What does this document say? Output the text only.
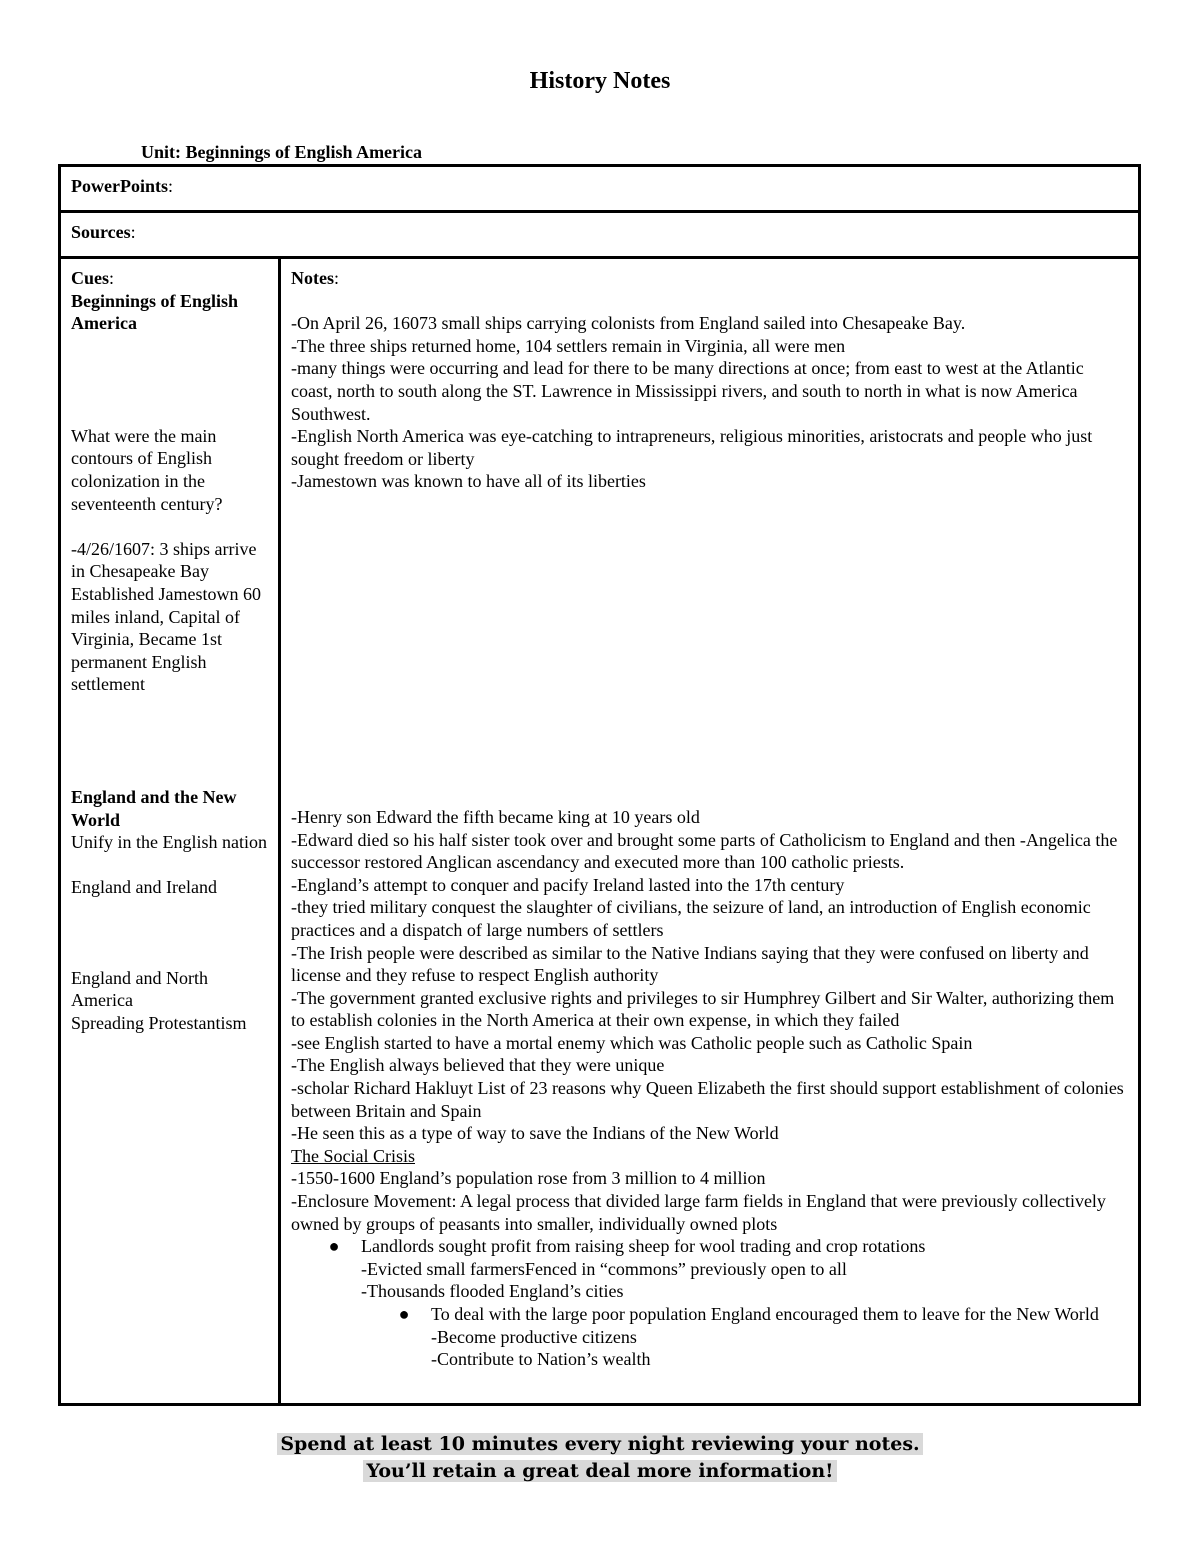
History Notes
Unit: Beginnings of English America
PowerPoints:
Sources:

Cues:
Beginnings of English America
What were the main contours of English colonization in the seventeenth century?
-4/26/1607: 3 ships arrive in Chesapeake Bay Established Jamestown 60 miles inland, Capital of Virginia, Became 1st permanent English settlement
England and the New World
Unify in the English nation
England and Ireland
England and North America
Spreading Protestantism

Notes:
-On April 26, 16073 small ships carrying colonists from England sailed into Chesapeake Bay.
-The three ships returned home, 104 settlers remain in Virginia, all were men
-many things were occurring and lead for there to be many directions at once; from east to west at the Atlantic coast, north to south along the ST. Lawrence in Mississippi rivers, and south to north in what is now America Southwest.
-English North America was eye-catching to intrapreneurs, religious minorities, aristocrats and people who just sought freedom or liberty
-Jamestown was known to have all of its liberties
-Henry son Edward the fifth became king at 10 years old
-Edward died so his half sister took over and brought some parts of Catholicism to England and then -Angelica the successor restored Anglican ascendancy and executed more than 100 catholic priests.
-England’s attempt to conquer and pacify Ireland lasted into the 17th century
-they tried military conquest the slaughter of civilians, the seizure of land, an introduction of English economic practices and a dispatch of large numbers of settlers
-The Irish people were described as similar to the Native Indians saying that they were confused on liberty and license and they refuse to respect English authority
-The government granted exclusive rights and privileges to sir Humphrey Gilbert and Sir Walter, authorizing them to establish colonies in the North America at their own expense, in which they failed
-see English started to have a mortal enemy which was Catholic people such as Catholic Spain
-The English always believed that they were unique
-scholar Richard Hakluyt List of 23 reasons why Queen Elizabeth the first should support establishment of colonies between Britain and Spain
-He seen this as a type of way to save the Indians of the New World
The Social Crisis
-1550-1600 England’s population rose from 3 million to 4 million
-Enclosure Movement: A legal process that divided large farm fields in England that were previously collectively owned by groups of peasants into smaller, individually owned plots
● Landlords sought profit from raising sheep for wool trading and crop rotations
-Evicted small farmersFenced in “commons” previously open to all
-Thousands flooded England’s cities
● To deal with the large poor population England encouraged them to leave for the New World
-Become productive citizens
-Contribute to Nation’s wealth
Spend at least 10 minutes every night reviewing your notes.
You’ll retain a great deal more information!
